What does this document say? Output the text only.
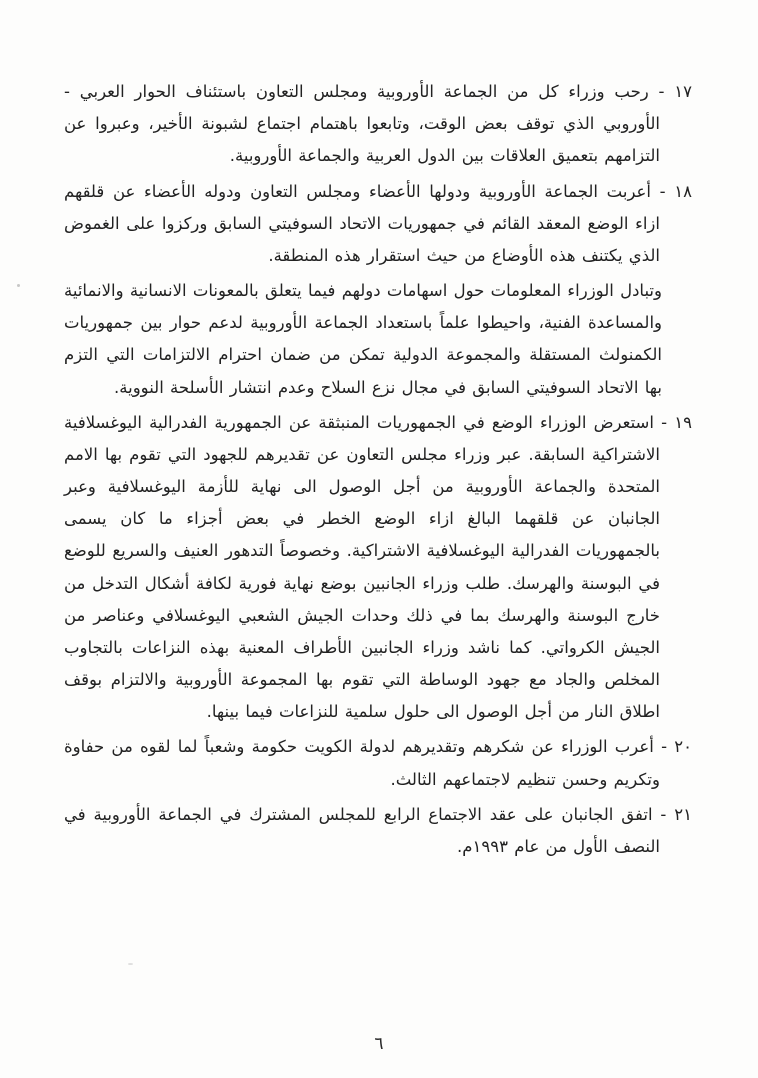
١٧ - رحب وزراء كل من الجماعة الأوروبية ومجلس التعاون باستئناف الحوار العربي - الأوروبي الذي توقف بعض الوقت، وتابعوا باهتمام اجتماع لشبونة الأخير، وعبروا عن التزامهم بتعميق العلاقات بين الدول العربية والجماعة الأوروبية.

١٨ - أعربت الجماعة الأوروبية ودولها الأعضاء ومجلس التعاون ودوله الأعضاء عن قلقهم ازاء الوضع المعقد القائم في جمهوريات الاتحاد السوفيتي السابق وركزوا على الغموض الذي يكتنف هذه الأوضاع من حيث استقرار هذه المنطقة.

وتبادل الوزراء المعلومات حول اسهامات دولهم فيما يتعلق بالمعونات الانسانية والانمائية والمساعدة الفنية، واحيطوا علماً باستعداد الجماعة الأوروبية لدعم حوار بين جمهوريات الكمنولث المستقلة والمجموعة الدولية تمكن من ضمان احترام الالتزامات التي التزم بها الاتحاد السوفيتي السابق في مجال نزع السلاح وعدم انتشار الأسلحة النووية.

١٩ - استعرض الوزراء الوضع في الجمهوريات المنبثقة عن الجمهورية الفدرالية اليوغسلافية الاشتراكية السابقة. عبر وزراء مجلس التعاون عن تقديرهم للجهود التي تقوم بها الامم المتحدة والجماعة الأوروبية من أجل الوصول الى نهاية للأزمة اليوغسلافية وعبر الجانبان عن قلقهما البالغ ازاء الوضع الخطر في بعض أجزاء ما كان يسمى بالجمهوريات الفدرالية اليوغسلافية الاشتراكية. وخصوصاً التدهور العنيف والسريع للوضع في البوسنة والهرسك. طلب وزراء الجانبين بوضع نهاية فورية لكافة أشكال التدخل من خارج البوسنة والهرسك بما في ذلك وحدات الجيش الشعبي اليوغسلافي وعناصر من الجيش الكرواتي. كما ناشد وزراء الجانبين الأطراف المعنية بهذه النزاعات بالتجاوب المخلص والجاد مع جهود الوساطة التي تقوم بها المجموعة الأوروبية والالتزام بوقف اطلاق النار من أجل الوصول الى حلول سلمية للنزاعات فيما بينها.

٢٠ - أعرب الوزراء عن شكرهم وتقديرهم لدولة الكويت حكومة وشعباً لما لقوه من حفاوة وتكريم وحسن تنظيم لاجتماعهم الثالث.

٢١ - اتفق الجانبان على عقد الاجتماع الرابع للمجلس المشترك في الجماعة الأوروبية في النصف الأول من عام ١٩٩٣م.

٦
